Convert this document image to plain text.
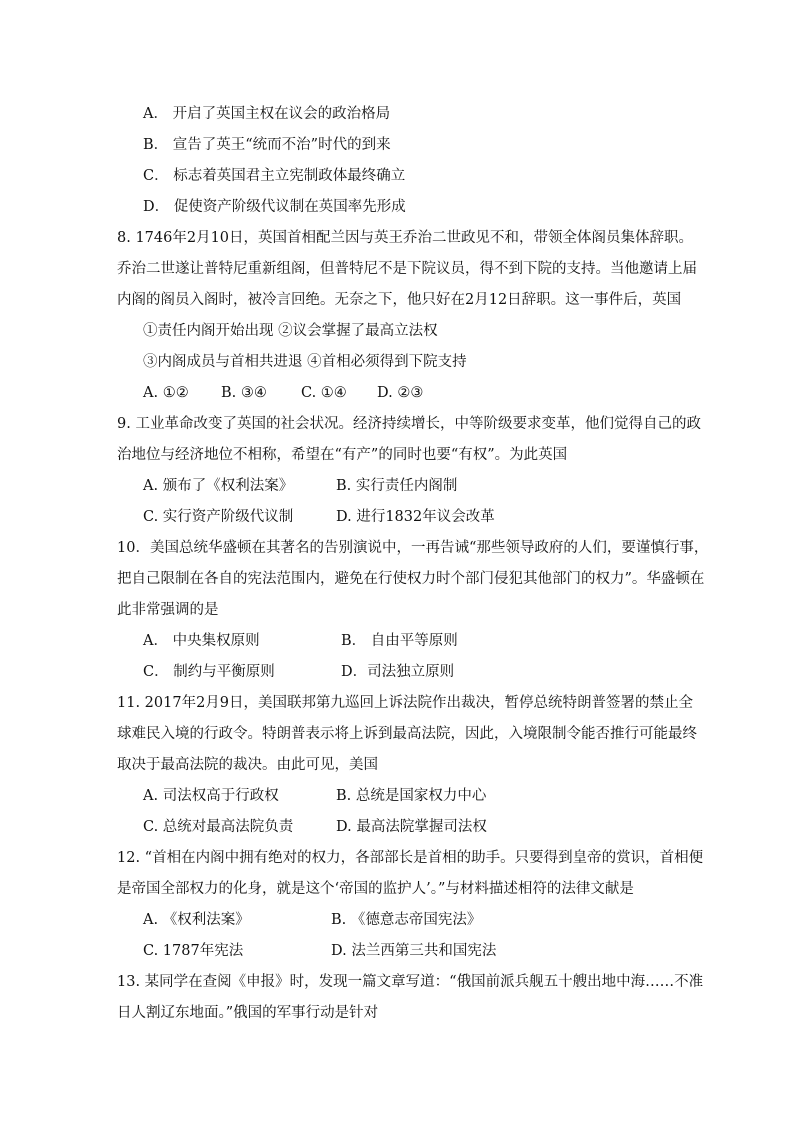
A． 开启了英国主权在议会的政治格局
B． 宣告了英王“统而不治”时代的到来
C． 标志着英国君主立宪制政体最终确立
D． 促使资产阶级代议制在英国率先形成
8. 1746年2月10日，英国首相配兰因与英王乔治二世政见不和，带领全体阁员集体辞职。
乔治二世遂让普特尼重新组阁，但普特尼不是下院议员，得不到下院的支持。当他邀请上届
内阁的阁员入阁时，被冷言回绝。无奈之下，他只好在2月12日辞职。这一事件后，英国
①责任内阁开始出现 ②议会掌握了最高立法权
③内阁成员与首相共进退 ④首相必须得到下院支持
A. ①② B. ③④ C. ①④ D. ②③
9. 工业革命改变了英国的社会状况。经济持续增长，中等阶级要求变革，他们觉得自己的政
治地位与经济地位不相称，希望在“有产”的同时也要“有权”。为此英国
A. 颁布了《权利法案》	B. 实行责任内阁制
C. 实行资产阶级代议制	D. 进行1832年议会改革
10．美国总统华盛顿在其著名的告别演说中，一再告诫“那些领导政府的人们，要谨慎行事，
把自己限制在各自的宪法范围内，避免在行使权力时个部门侵犯其他部门的权力”。华盛顿在
此非常强调的是
A． 中央集权原则	B． 自由平等原则
C． 制约与平衡原则	D．司法独立原则
11. 2017年2月9日，美国联邦第九巡回上诉法院作出裁决，暂停总统特朗普签署的禁止全
球难民入境的行政令。特朗普表示将上诉到最高法院，因此，入境限制令能否推行可能最终
取决于最高法院的裁决。由此可见，美国
A. 司法权高于行政权	B. 总统是国家权力中心
C. 总统对最高法院负责	D. 最高法院掌握司法权
12. “首相在内阁中拥有绝对的权力，各部部长是首相的助手。只要得到皇帝的赏识，首相便
是帝国全部权力的化身，就是这个‘帝国的监护人’。”与材料描述相符的法律文献是
A. 《权利法案》	B. 《德意志帝国宪法》
C. 1787年宪法	D. 法兰西第三共和国宪法
13. 某同学在查阅《申报》时，发现一篇文章写道：“俄国前派兵舰五十艘出地中海……不准
日人割辽东地面。”俄国的军事行动是针对
